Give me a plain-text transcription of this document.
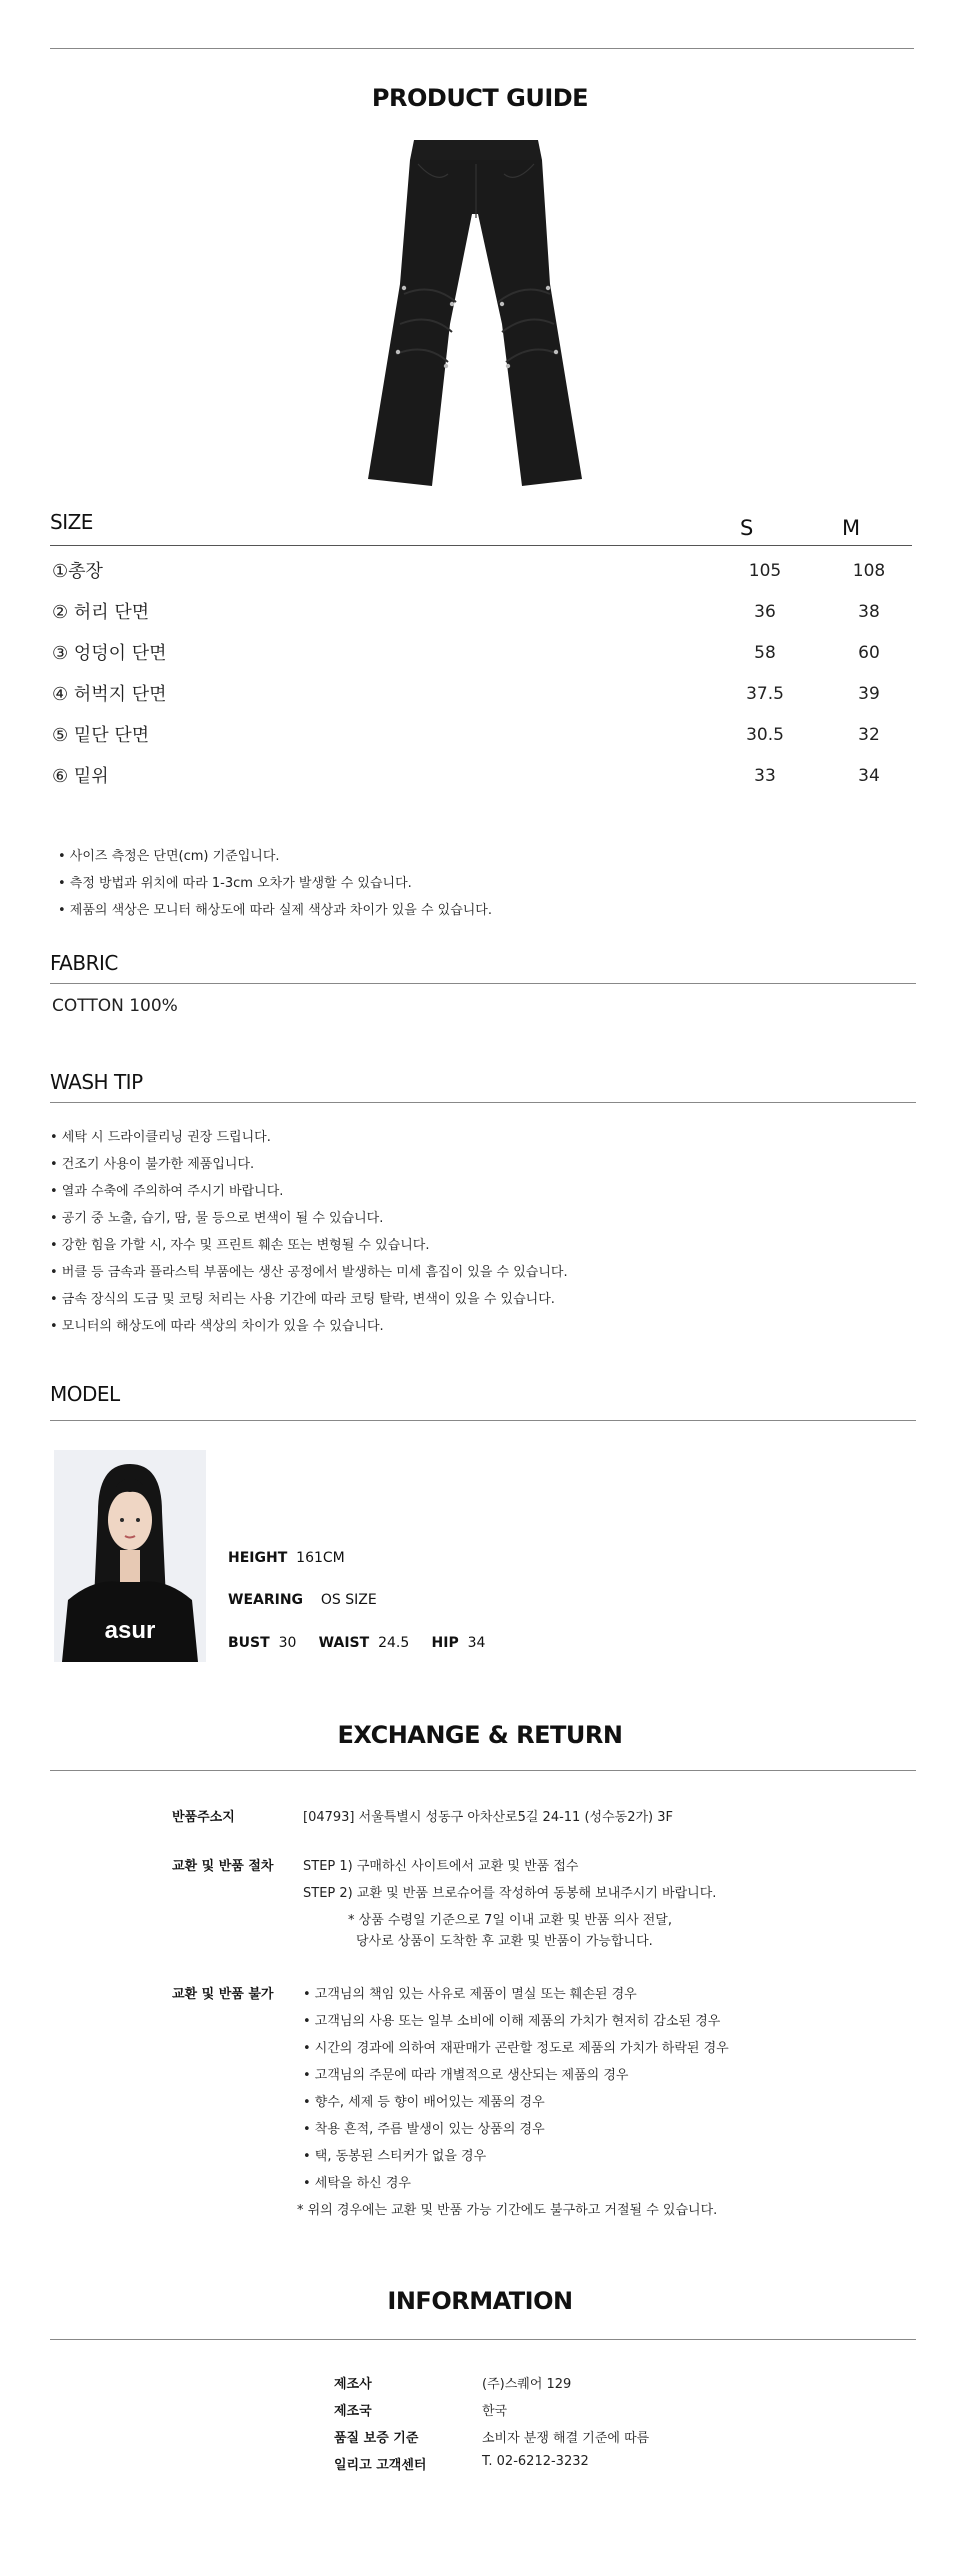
PRODUCT GUIDE
SIZE	S	M
①총장	105	108
② 허리 단면	36	38
③ 엉덩이 단면	58	60
④ 허벅지 단면	37.5	39
⑤ 밑단 단면	30.5	32
⑥ 밑위	33	34
• 사이즈 측정은 단면(cm) 기준입니다.
• 측정 방법과 위치에 따라 1-3cm 오차가 발생할 수 있습니다.
• 제품의 색상은 모니터 해상도에 따라 실제 색상과 차이가 있을 수 있습니다.
FABRIC
COTTON 100%
WASH TIP
• 세탁 시 드라이클리닝 권장 드립니다.
• 건조기 사용이 불가한 제품입니다.
• 열과 수축에 주의하여 주시기 바랍니다.
• 공기 중 노출, 습기, 땀, 물 등으로 변색이 될 수 있습니다.
• 강한 힘을 가할 시, 자수 및 프린트 훼손 또는 변형될 수 있습니다.
• 버클 등 금속과 플라스틱 부품에는 생산 공정에서 발생하는 미세 흠집이 있을 수 있습니다.
• 금속 장식의 도금 및 코팅 처리는 사용 기간에 따라 코팅 탈락, 변색이 있을 수 있습니다.
• 모니터의 해상도에 따라 색상의 차이가 있을 수 있습니다.
MODEL
asur
HEIGHT 161CM
WEARING OS SIZE
BUST 30 WAIST 24.5 HIP 34
EXCHANGE & RETURN
반품주소지	[04793] 서울특별시 성동구 아차산로5길 24-11 (성수동2가) 3F
교환 및 반품 절차 STEP 1) 구매하신 사이트에서 교환 및 반품 접수
STEP 2) 교환 및 반품 브로슈어를 작성하여 동봉해 보내주시기 바랍니다.
* 상품 수령일 기준으로 7일 이내 교환 및 반품 의사 전달,
당사로 상품이 도착한 후 교환 및 반품이 가능합니다.
교환 및 반품 불가 • 고객님의 책임 있는 사유로 제품이 멸실 또는 훼손된 경우
• 고객님의 사용 또는 일부 소비에 이해 제품의 가치가 현저히 감소된 경우
• 시간의 경과에 의하여 재판매가 곤란할 정도로 제품의 가치가 하락된 경우
• 고객님의 주문에 따라 개별적으로 생산되는 제품의 경우
• 향수, 세제 등 향이 배어있는 제품의 경우
• 착용 흔적, 주름 발생이 있는 상품의 경우
• 택, 동봉된 스티커가 없을 경우
• 세탁을 하신 경우
* 위의 경우에는 교환 및 반품 가능 기간에도 불구하고 거절될 수 있습니다.
INFORMATION
제조사	(주)스퀘어 129
제조국	한국
품질 보증 기준	소비자 분쟁 해결 기준에 따름
일리고 고객센터	T. 02-6212-3232
